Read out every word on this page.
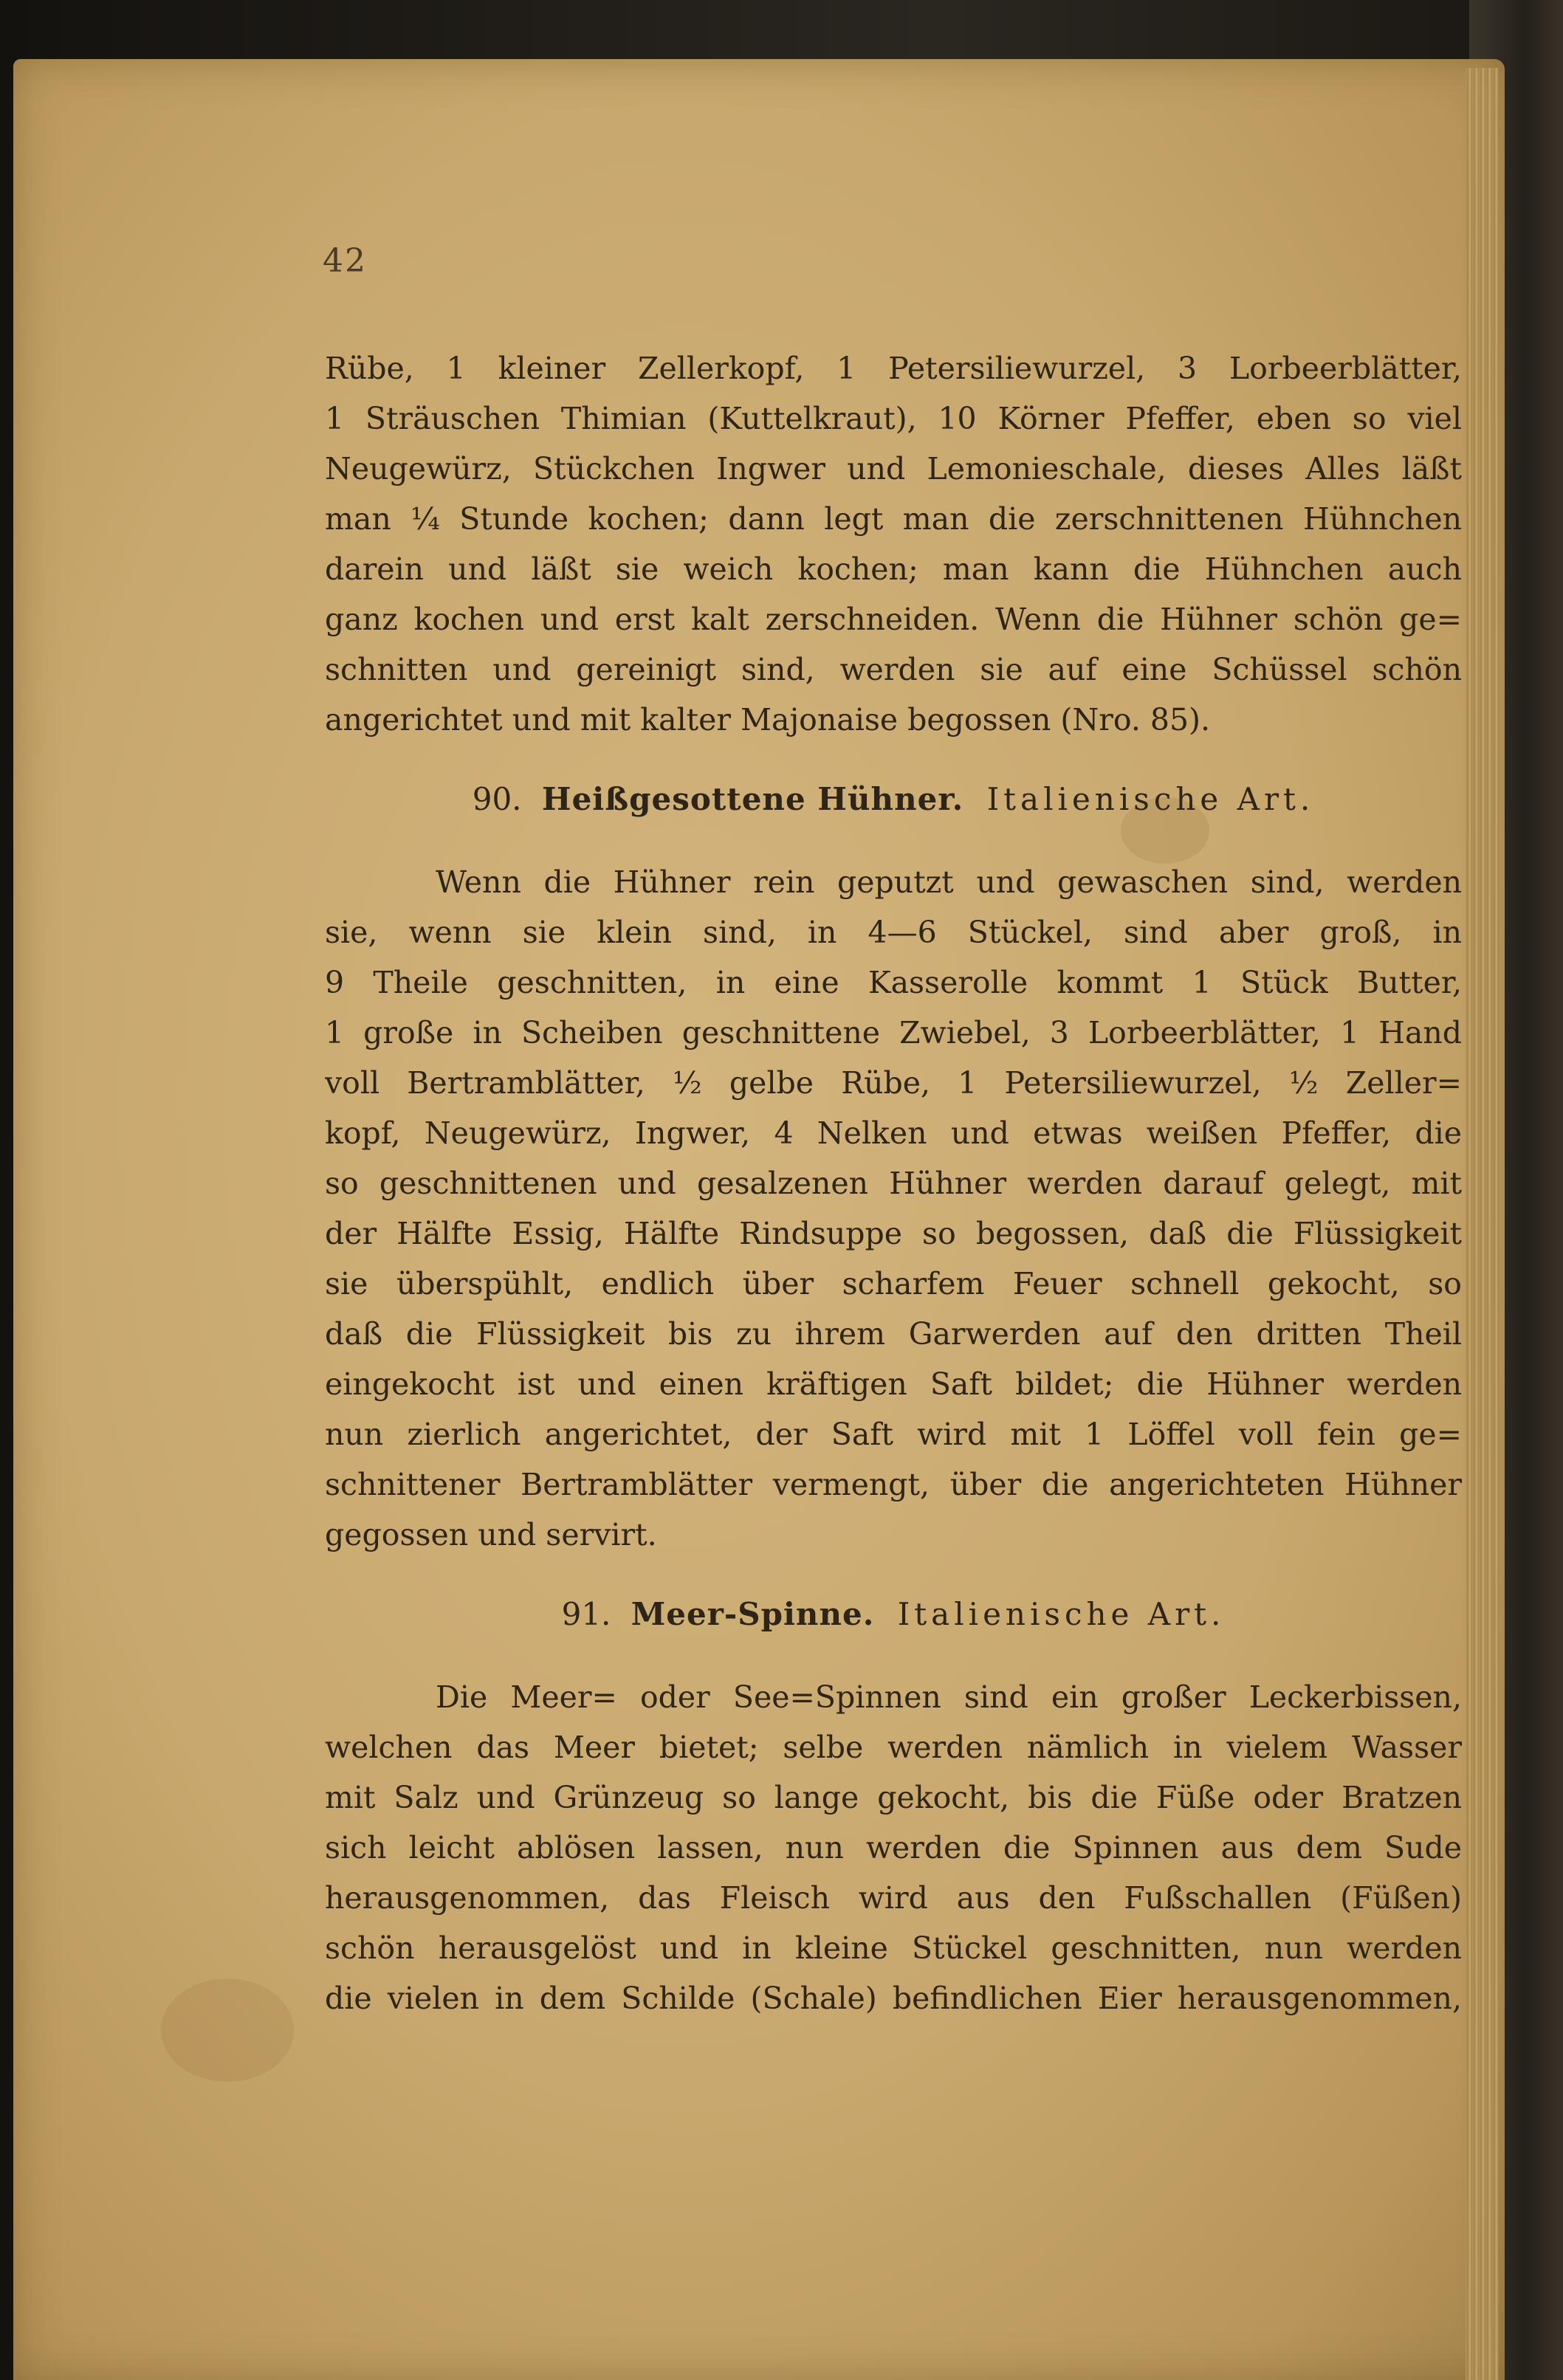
42
Rübe, 1 kleiner Zellerkopf, 1 Petersiliewurzel, 3 Lorbeerblätter,
1 Sträuschen Thimian (Kuttelkraut), 10 Körner Pfeffer, eben so viel
Neugewürz, Stückchen Ingwer und Lemonieschale, dieses Alles läßt
man ¼ Stunde kochen; dann legt man die zerschnittenen Hühnchen
darein und läßt sie weich kochen; man kann die Hühnchen auch
ganz kochen und erst kalt zerschneiden. Wenn die Hühner schön ge=
schnitten und gereinigt sind, werden sie auf eine Schüssel schön
angerichtet und mit kalter Majonaise begossen (Nro. 85).
90. Heißgesottene Hühner. Italienische Art.
Wenn die Hühner rein geputzt und gewaschen sind, werden
sie, wenn sie klein sind, in 4—6 Stückel, sind aber groß, in
9 Theile geschnitten, in eine Kasserolle kommt 1 Stück Butter,
1 große in Scheiben geschnittene Zwiebel, 3 Lorbeerblätter, 1 Hand
voll Bertramblätter, ½ gelbe Rübe, 1 Petersiliewurzel, ½ Zeller=
kopf, Neugewürz, Ingwer, 4 Nelken und etwas weißen Pfeffer, die
so geschnittenen und gesalzenen Hühner werden darauf gelegt, mit
der Hälfte Essig, Hälfte Rindsuppe so begossen, daß die Flüssigkeit
sie überspühlt, endlich über scharfem Feuer schnell gekocht, so
daß die Flüssigkeit bis zu ihrem Garwerden auf den dritten Theil
eingekocht ist und einen kräftigen Saft bildet; die Hühner werden
nun zierlich angerichtet, der Saft wird mit 1 Löffel voll fein ge=
schnittener Bertramblätter vermengt, über die angerichteten Hühner
gegossen und servirt.
91. Meer-Spinne. Italienische Art.
Die Meer= oder See=Spinnen sind ein großer Leckerbissen,
welchen das Meer bietet; selbe werden nämlich in vielem Wasser
mit Salz und Grünzeug so lange gekocht, bis die Füße oder Bratzen
sich leicht ablösen lassen, nun werden die Spinnen aus dem Sude
herausgenommen, das Fleisch wird aus den Fußschallen (Füßen)
schön herausgelöst und in kleine Stückel geschnitten, nun werden
die vielen in dem Schilde (Schale) befindlichen Eier herausgenommen,
